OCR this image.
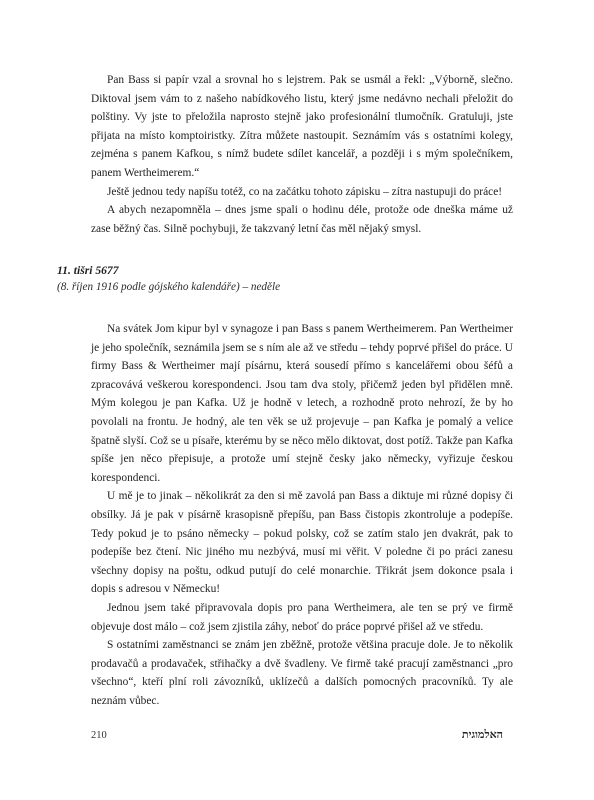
Pan Bass si papír vzal a srovnal ho s lejstrem. Pak se usmál a řekl: „Výborně, slečno. Diktoval jsem vám to z našeho nabídkového listu, který jsme nedávno nechali přeložit do polštiny. Vy jste to přeložila naprosto stejně jako profesionální tlumočník. Gratuluji, jste přijata na místo komptoiristky. Zítra můžete nastoupit. Seznámím vás s ostatními kolegy, zejména s panem Kafkou, s nímž budete sdílet kancelář, a později i s mým společníkem, panem Wertheimerem.“

Ještě jednou tedy napíšu totéž, co na začátku tohoto zápisku – zítra nastupuji do práce!

A abych nezapomněla – dnes jsme spali o hodinu déle, protože ode dneška máme už zase běžný čas. Silně pochybuji, že takzvaný letní čas měl nějaký smysl.

11. tišri 5677
(8. říjen 1916 podle gójského kalendáře) – neděle

Na svátek Jom kipur byl v synagoze i pan Bass s panem Wertheimerem. Pan Wertheimer je jeho společník, seznámila jsem se s ním ale až ve středu – tehdy poprvé přišel do práce. U firmy Bass & Wertheimer mají písárnu, která sousedí přímo s kancelářemi obou šéfů a zpracovává veškerou korespondenci. Jsou tam dva stoly, přičemž jeden byl přidělen mně. Mým kolegou je pan Kafka. Už je hodně v letech, a rozhodně proto nehrozí, že by ho povolali na frontu. Je hodný, ale ten věk se už projevuje – pan Kafka je pomalý a velice špatně slyší. Což se u písaře, kterému by se něco mělo diktovat, dost potíž. Takže pan Kafka spíše jen něco přepisuje, a protože umí stejně česky jako německy, vyřizuje českou korespondenci.

U mě je to jinak – několikrát za den si mě zavolá pan Bass a diktuje mi různé dopisy či obsílky. Já je pak v písárně krasopisně přepíšu, pan Bass čistopis zkontroluje a podepíše. Tedy pokud je to psáno německy – pokud polsky, což se zatím stalo jen dvakrát, pak to podepíše bez čtení. Nic jiného mu nezbývá, musí mi věřit. V poledne či po práci zanesu všechny dopisy na poštu, odkud putují do celé monarchie. Třikrát jsem dokonce psala i dopis s adresou v Německu!

Jednou jsem také připravovala dopis pro pana Wertheimera, ale ten se prý ve firmě objevuje dost málo – což jsem zjistila záhy, neboť do práce poprvé přišel až ve středu.

S ostatními zaměstnanci se znám jen zběžně, protože většina pracuje dole. Je to několik prodavačů a prodavaček, střihačky a dvě švadleny. Ve firmě také pracují zaměstnanci „pro všechno“, kteří plní roli závozníků, uklízečů a dalších pomocných pracovníků. Ty ale neznám vůbec.

210	האלמוגית
